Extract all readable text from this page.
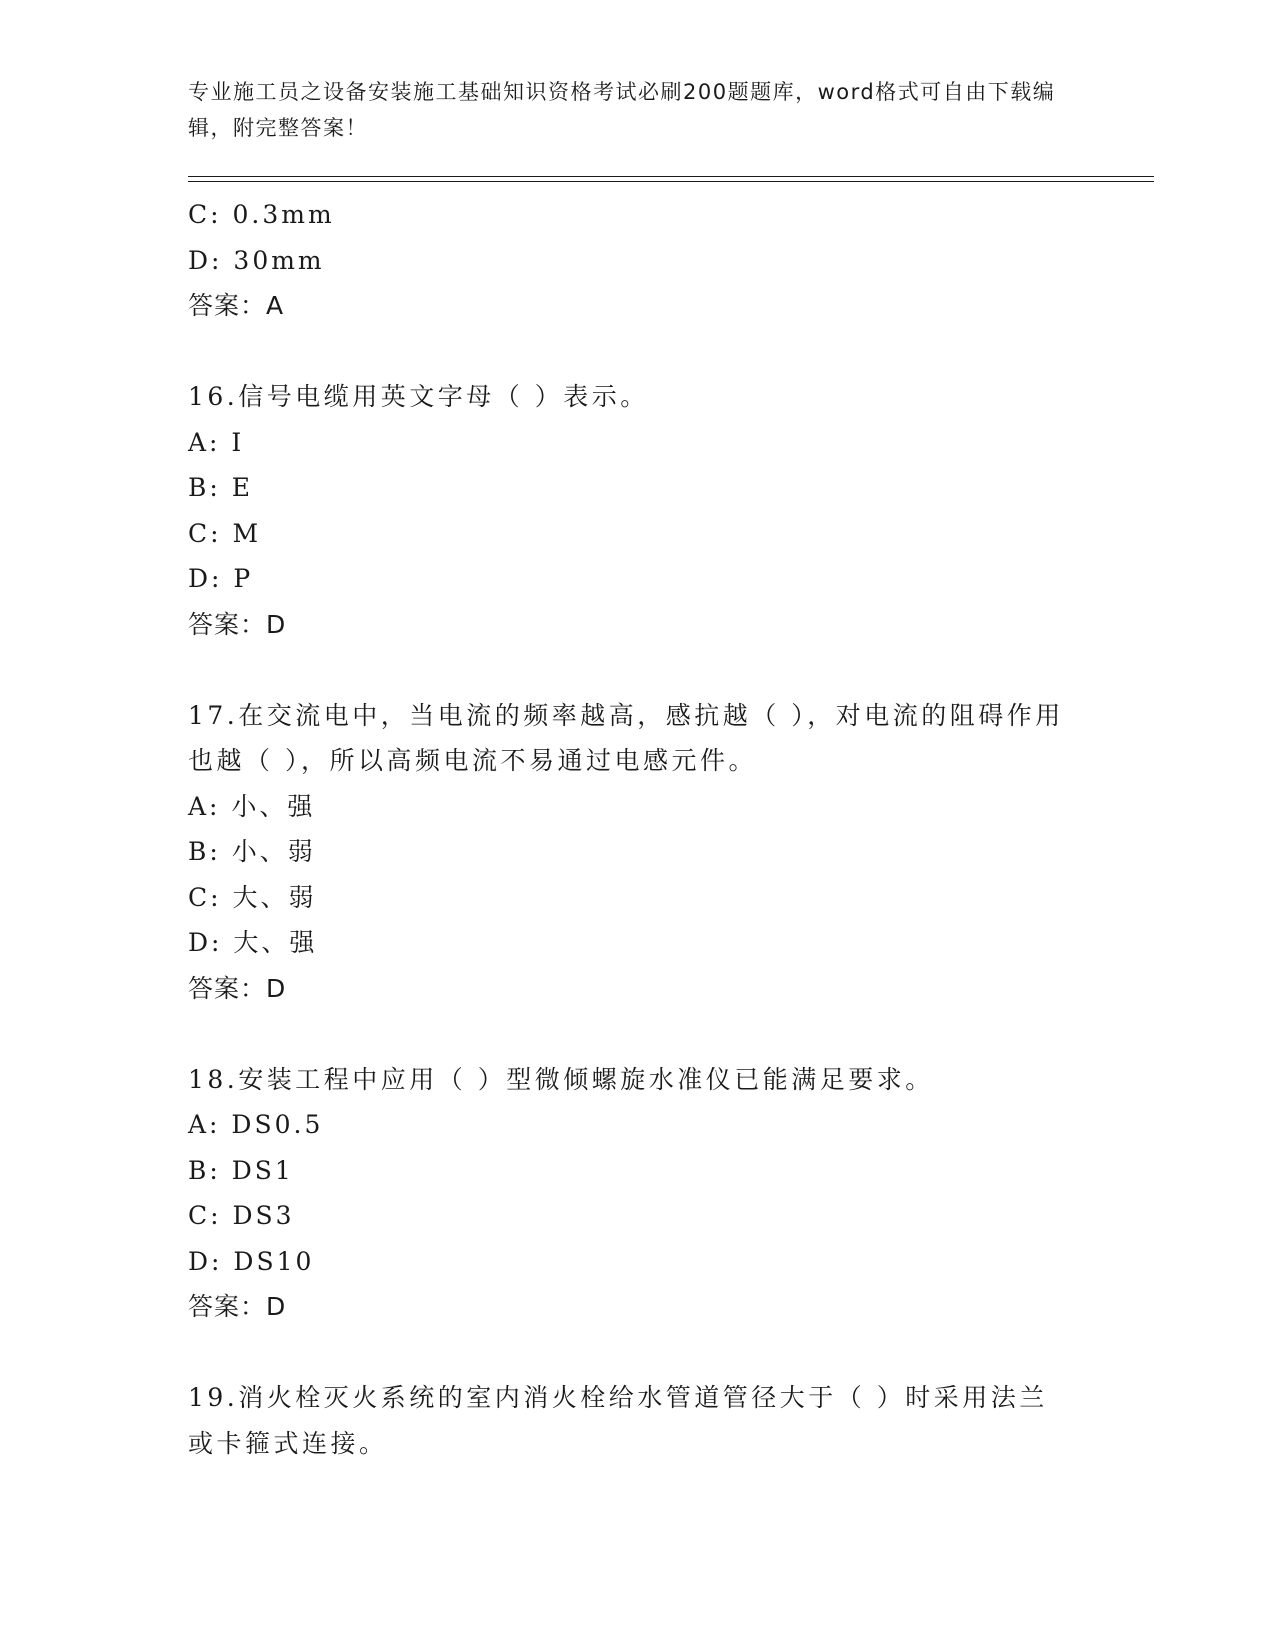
专业施工员之设备安装施工基础知识资格考试必刷200题题库，word格式可自由下载编辑，附完整答案！
C: 0.3mm
D: 30mm
答案：A
16.信号电缆用英文字母（ ）表示。
A: I
B: E
C: M
D: P
答案：D
17.在交流电中，当电流的频率越高，感抗越（ ），对电流的阻碍作用也越（ ），所以高频电流不易通过电感元件。
A: 小、强
B: 小、弱
C: 大、弱
D: 大、强
答案：D
18.安装工程中应用（ ）型微倾螺旋水准仪已能满足要求。
A: DS0.5
B: DS1
C: DS3
D: DS10
答案：D
19.消火栓灭火系统的室内消火栓给水管道管径大于（ ）时采用法兰或卡箍式连接。
